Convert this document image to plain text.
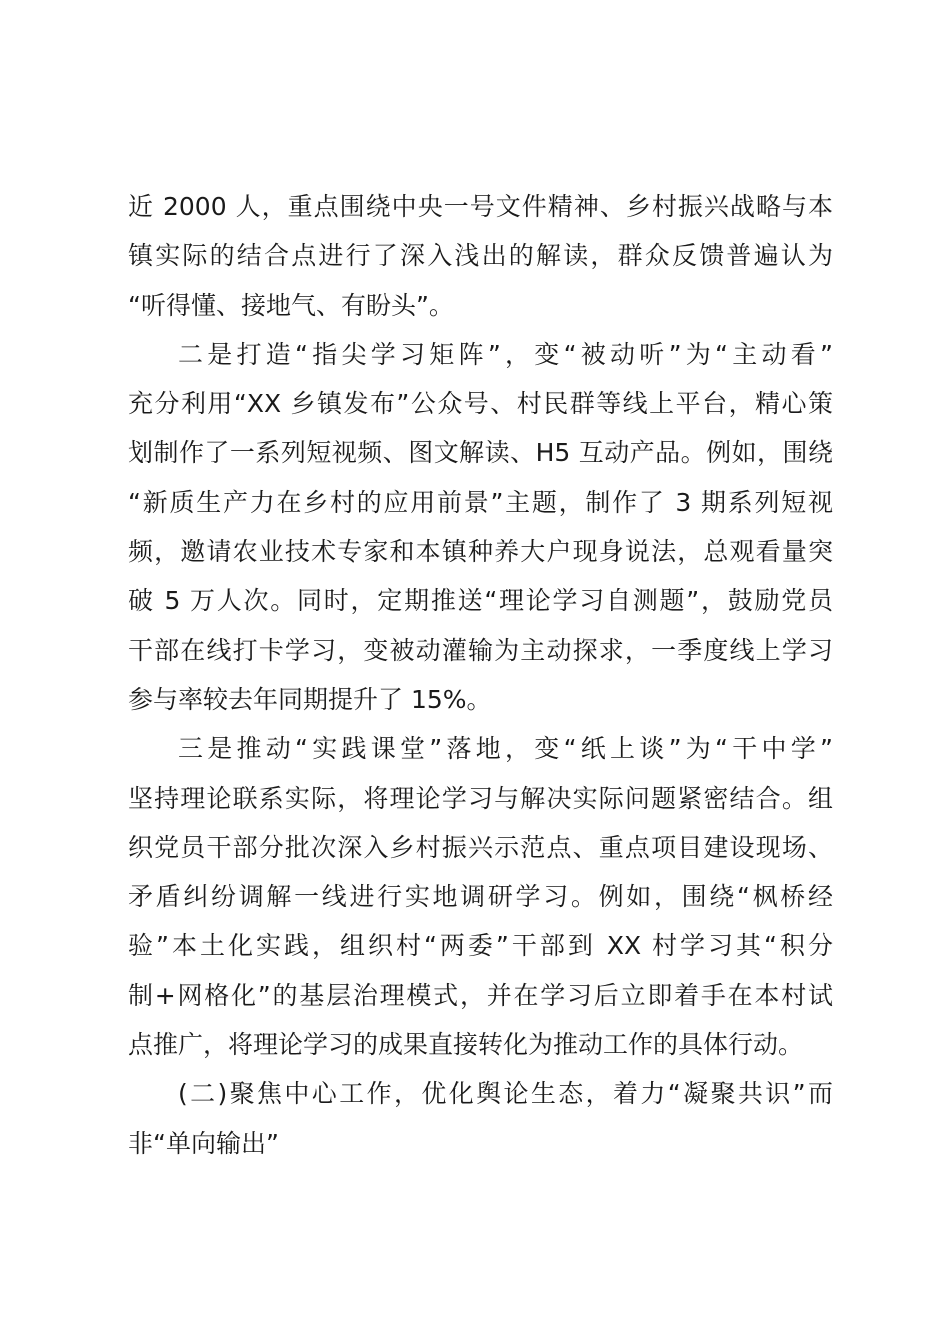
近 2000 人，重点围绕中央一号文件精神、乡村振兴战略与本
镇实际的结合点进行了深入浅出的解读，群众反馈普遍认为
“听得懂、接地气、有盼头”。
二是打造“指尖学习矩阵”，变“被动听”为“主动看”
充分利用“XX 乡镇发布”公众号、村民群等线上平台，精心策
划制作了一系列短视频、图文解读、H5 互动产品。例如，围绕
“新质生产力在乡村的应用前景”主题，制作了 3 期系列短视
频，邀请农业技术专家和本镇种养大户现身说法，总观看量突
破 5 万人次。同时，定期推送“理论学习自测题”，鼓励党员
干部在线打卡学习，变被动灌输为主动探求，一季度线上学习
参与率较去年同期提升了 15%。
三是推动“实践课堂”落地，变“纸上谈”为“干中学”
坚持理论联系实际，将理论学习与解决实际问题紧密结合。组
织党员干部分批次深入乡村振兴示范点、重点项目建设现场、
矛盾纠纷调解一线进行实地调研学习。例如，围绕“枫桥经
验”本土化实践，组织村“两委”干部到 XX 村学习其“积分
制+网格化”的基层治理模式，并在学习后立即着手在本村试
点推广，将理论学习的成果直接转化为推动工作的具体行动。
(二)聚焦中心工作，优化舆论生态，着力“凝聚共识”而
非“单向输出”
